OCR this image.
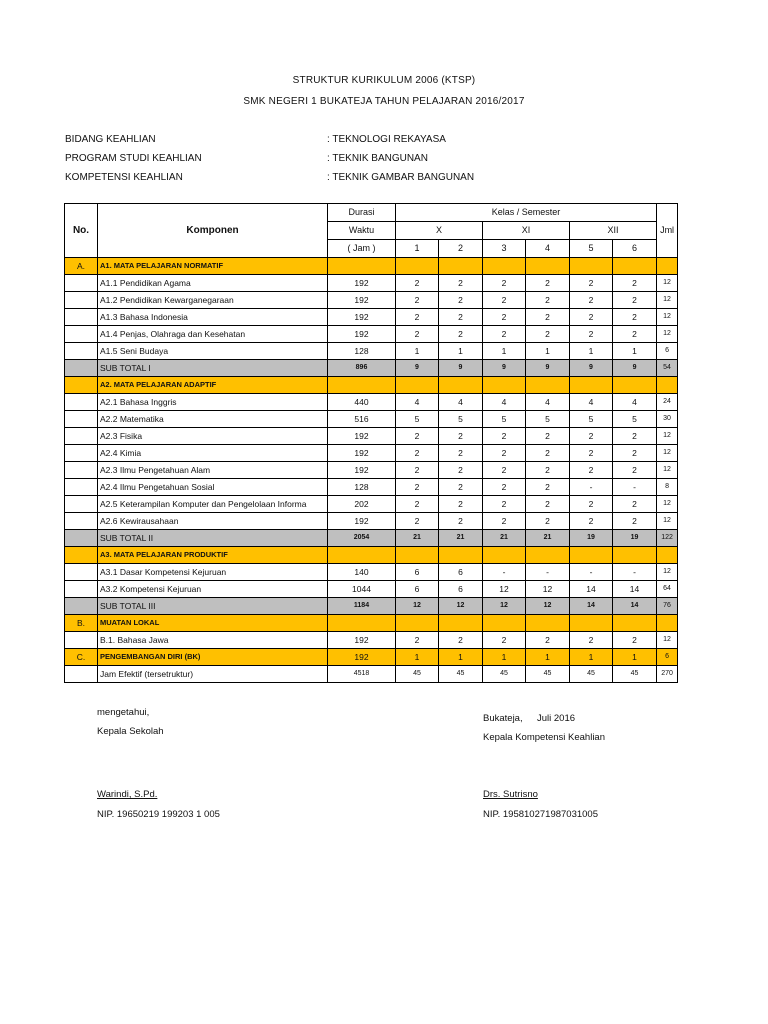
STRUKTUR KURIKULUM 2006 (KTSP)
SMK NEGERI 1 BUKATEJA TAHUN PELAJARAN 2016/2017
BIDANG KEAHLIAN	: TEKNOLOGI REKAYASA
PROGRAM STUDI KEAHLIAN	: TEKNIK BANGUNAN
KOMPETENSI KEAHLIAN	: TEKNIK GAMBAR BANGUNAN
No.	Komponen	Durasi	Kelas / Semester						Jml
		Waktu	X		XI		XII		
		( Jam )	1	2	3	4	5	6	
A.	A1. MATA PELAJARAN NORMATIF								
	A1.1 Pendidikan Agama	192	2	2	2	2	2	2	12
	A1.2 Pendidikan Kewarganegaraan	192	2	2	2	2	2	2	12
	A1.3 Bahasa Indonesia	192	2	2	2	2	2	2	12
	A1.4 Penjas, Olahraga dan Kesehatan	192	2	2	2	2	2	2	12
	A1.5 Seni Budaya	128	1	1	1	1	1	1	6
	SUB TOTAL I	896	9	9	9	9	9	9	54
	A2. MATA PELAJARAN ADAPTIF								
	A2.1 Bahasa Inggris	440	4	4	4	4	4	4	24
	A2.2 Matematika	516	5	5	5	5	5	5	30
	A2.3 Fisika	192	2	2	2	2	2	2	12
	A2.4 Kimia	192	2	2	2	2	2	2	12
	A2.3 Ilmu Pengetahuan Alam	192	2	2	2	2	2	2	12
	A2.4 Ilmu Pengetahuan Sosial	128	2	2	2	2	-	-	8
	A2.5 Keterampilan Komputer dan Pengelolaan Informa	202	2	2	2	2	2	2	12
	A2.6 Kewirausahaan	192	2	2	2	2	2	2	12
	SUB TOTAL II	2054	21	21	21	21	19	19	122
	A3. MATA PELAJARAN PRODUKTIF								
	A3.1 Dasar Kompetensi Kejuruan	140	6	6	-	-	-	-	12
	A3.2 Kompetensi Kejuruan	1044	6	6	12	12	14	14	64
	SUB TOTAL III	1184	12	12	12	12	14	14	76
B.	MUATAN LOKAL								
	B.1. Bahasa Jawa	192	2	2	2	2	2	2	12
C.	PENGEMBANGAN DIRI (BK)	192	1	1	1	1	1	1	6
	Jam Efektif (tersetruktur)	4518	45	45	45	45	45	45	270
mengetahui,
Kepala Sekolah
Warindi, S.Pd.
NIP. 19650219 199203 1 005
Bukateja, Juli 2016
Kepala Kompetensi Keahlian
Drs. Sutrisno
NIP. 195810271987031005
